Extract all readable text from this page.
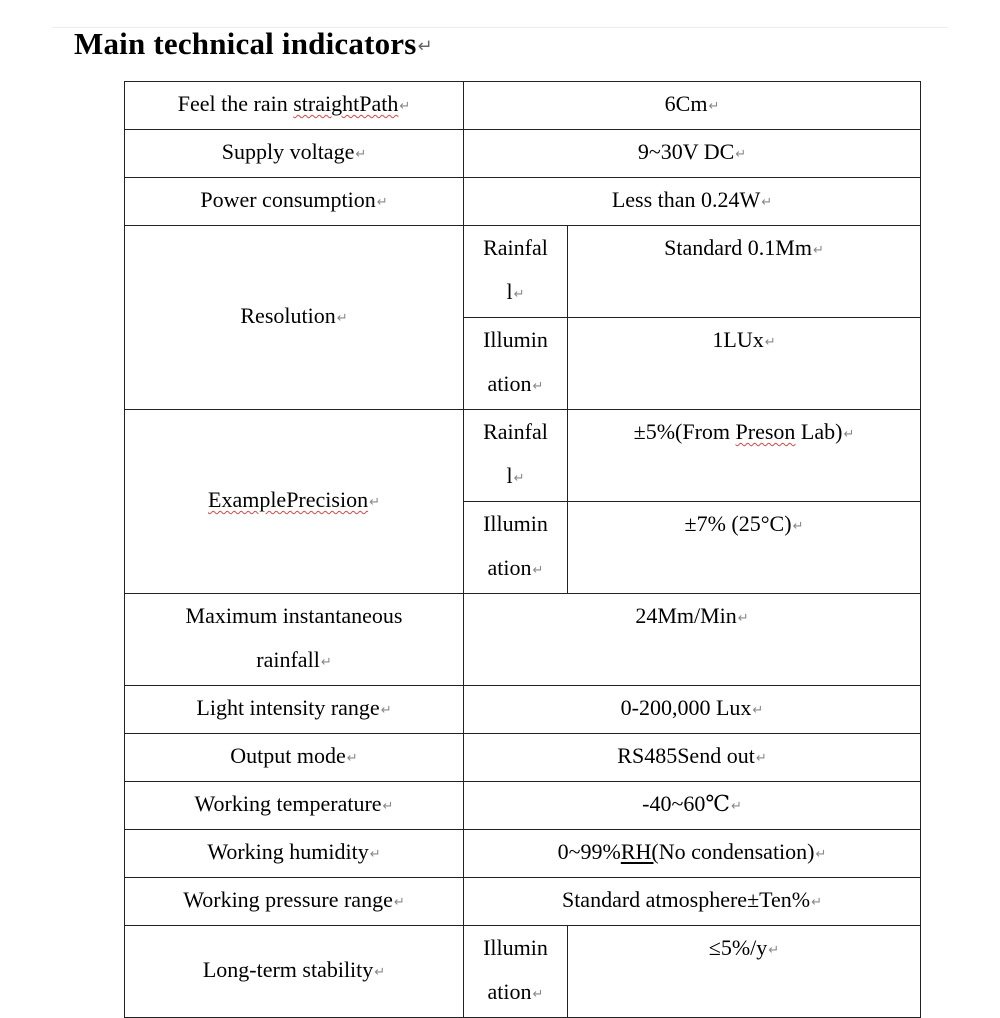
Main technical indicators↵
Feel the rain straightPath↵	6Cm↵	
Supply voltage↵	9~30V DC↵	
Power consumption↵	Less than 0.24W↵	
Resolution↵	Rainfal
l↵	Standard 0.1Mm↵
	Illumin
ation↵	1LUx↵
ExamplePrecision↵	Rainfal
l↵	±5%(From Preson Lab)↵
	Illumin
ation↵	±7% (25°C)↵
Maximum instantaneous
rainfall↵	24Mm/Min↵	
Light intensity range↵	0-200,000 Lux↵	
Output mode↵	RS485Send out↵	
Working temperature↵	-40~60℃↵	
Working humidity↵	0~99%RH(No condensation)↵	
Working pressure range↵	Standard atmosphere±Ten%↵	
Long-term stability↵	Illumin
ation↵	≤5%/y↵
